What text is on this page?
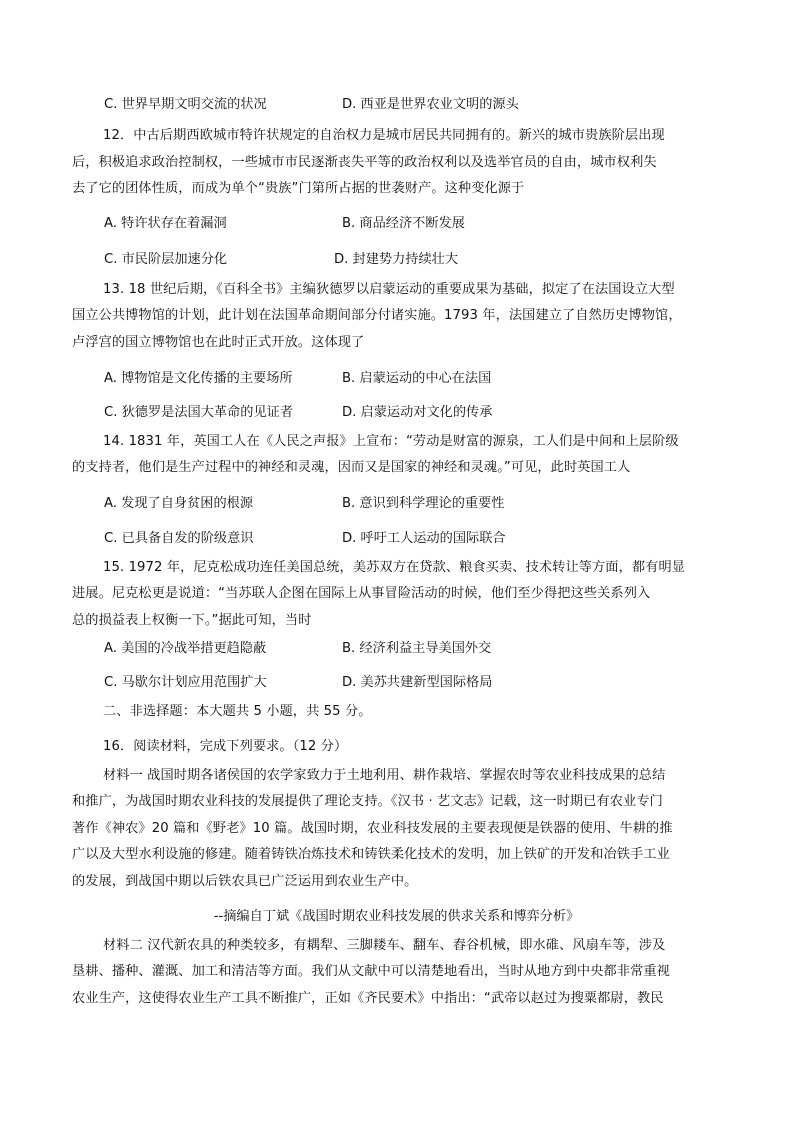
C. 世界早期文明交流的状况	D. 西亚是世界农业文明的源头
12．中古后期西欧城市特许状规定的自治权力是城市居民共同拥有的。新兴的城市贵族阶层出现
后，积极追求政治控制权，一些城市市民逐渐丧失平等的政治权利以及选举官员的自由，城市权利失
去了它的团体性质，而成为单个“贵族”门第所占据的世袭财产。这种变化源于
A. 特许状存在着漏洞	B. 商品经济不断发展
C. 市民阶层加速分化	D. 封建势力持续壮大
13. 18 世纪后期，《百科全书》主编狄德罗以启蒙运动的重要成果为基础，拟定了在法国设立大型
国立公共博物馆的计划，此计划在法国革命期间部分付诸实施。1793 年，法国建立了自然历史博物馆，
卢浮宫的国立博物馆也在此时正式开放。这体现了
A. 博物馆是文化传播的主要场所	B. 启蒙运动的中心在法国
C. 狄德罗是法国大革命的见证者	D. 启蒙运动对文化的传承
14. 1831 年，英国工人在《人民之声报》上宣布：“劳动是财富的源泉，工人们是中间和上层阶级
的支持者，他们是生产过程中的神经和灵魂，因而又是国家的神经和灵魂。”可见，此时英国工人
A. 发现了自身贫困的根源	B. 意识到科学理论的重要性
C. 已具备自发的阶级意识	D. 呼吁工人运动的国际联合
15. 1972 年，尼克松成功连任美国总统，美苏双方在贷款、粮食买卖、技术转让等方面，都有明显
进展。尼克松更是说道：“当苏联人企图在国际上从事冒险活动的时候，他们至少得把这些关系列入
总的损益表上权衡一下。”据此可知，当时
A. 美国的冷战举措更趋隐蔽	B. 经济利益主导美国外交
C. 马歇尔计划应用范围扩大	D. 美苏共建新型国际格局
二、非选择题：本大题共 5 小题，共 55 分。
16．阅读材料，完成下列要求。（12 分）
材料一 战国时期各诸侯国的农学家致力于土地利用、耕作栽培、掌握农时等农业科技成果的总结
和推广，为战国时期农业科技的发展提供了理论支持。《汉书 · 艺文志》记载，这一时期已有农业专门
著作《神农》20 篇和《野老》10 篇。战国时期，农业科技发展的主要表现便是铁器的使用、牛耕的推
广以及大型水利设施的修建。随着铸铁冶炼技术和铸铁柔化技术的发明，加上铁矿的开发和冶铁手工业
的发展，到战国中期以后铁农具已广泛运用到农业生产中。
--摘编自丁斌《战国时期农业科技发展的供求关系和博弈分析》
材料二 汉代新农具的种类较多，有耦犁、三脚耧车、翻车、舂谷机械，即水碓、风扇车等，涉及
垦耕、播种、灌溉、加工和清洁等方面。我们从文献中可以清楚地看出，当时从地方到中央都非常重视
农业生产，这使得农业生产工具不断推广，正如《齐民要术》中指出：“武帝以赵过为搜粟都尉，教民
